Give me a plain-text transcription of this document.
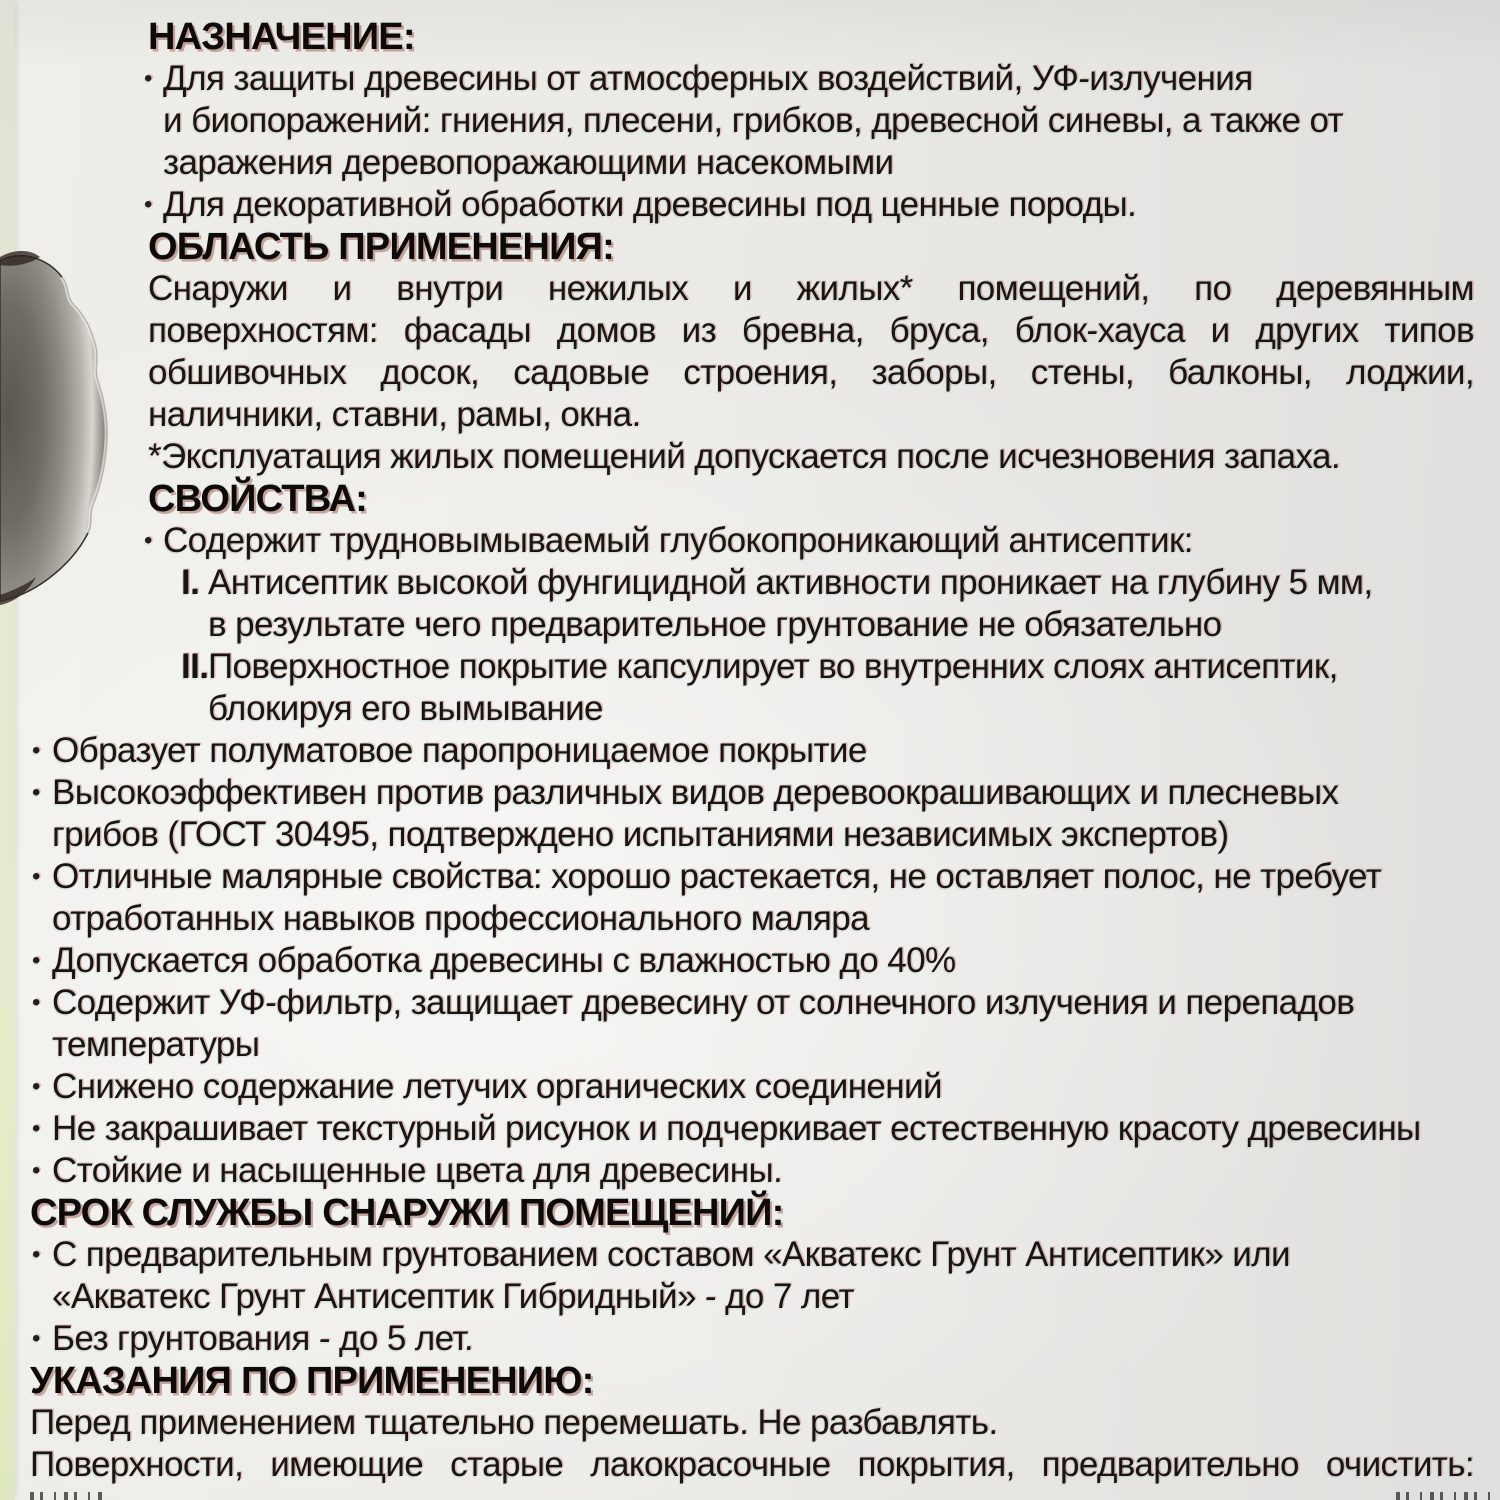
НАЗНАЧЕНИЕ:
• Для защиты древесины от атмосферных воздействий, УФ-излучения
и биопоражений: гниения, плесени, грибков, древесной синевы, а также от
заражения деревопоражающими насекомыми
• Для декоративной обработки древесины под ценные породы.
ОБЛАСТЬ ПРИМЕНЕНИЯ:
Снаружи и внутри нежилых и жилых* помещений, по деревянным
поверхностям: фасады домов из бревна, бруса, блок-хауса и других типов
обшивочных досок, садовые строения, заборы, стены, балконы, лоджии,
наличники, ставни, рамы, окна.
*Эксплуатация жилых помещений допускается после исчезновения запаха.
СВОЙСТВА:
• Содержит трудновымываемый глубокопроникающий антисептик:
I. Антисептик высокой фунгицидной активности проникает на глубину 5 мм,
в результате чего предварительное грунтование не обязательно
II. Поверхностное покрытие капсулирует во внутренних слоях антисептик,
блокируя его вымывание
• Образует полуматовое паропроницаемое покрытие
• Высокоэффективен против различных видов деревоокрашивающих и плесневых
грибов (ГОСТ 30495, подтверждено испытаниями независимых экспертов)
• Отличные малярные свойства: хорошо растекается, не оставляет полос, не требует
отработанных навыков профессионального маляра
• Допускается обработка древесины с влажностью до 40%
• Содержит УФ-фильтр, защищает древесину от солнечного излучения и перепадов
температуры
• Снижено содержание летучих органических соединений
• Не закрашивает текстурный рисунок и подчеркивает естественную красоту древесины
• Стойкие и насыщенные цвета для древесины.
СРОК СЛУЖБЫ СНАРУЖИ ПОМЕЩЕНИЙ:
• С предварительным грунтованием составом «Акватекс Грунт Антисептик» или
«Акватекс Грунт Антисептик Гибридный» - до 7 лет
• Без грунтования - до 5 лет.
УКАЗАНИЯ ПО ПРИМЕНЕНИЮ:
Перед применением тщательно перемешать. Не разбавлять.
Поверхности, имеющие старые лакокрасочные покрытия, предварительно очистить:
